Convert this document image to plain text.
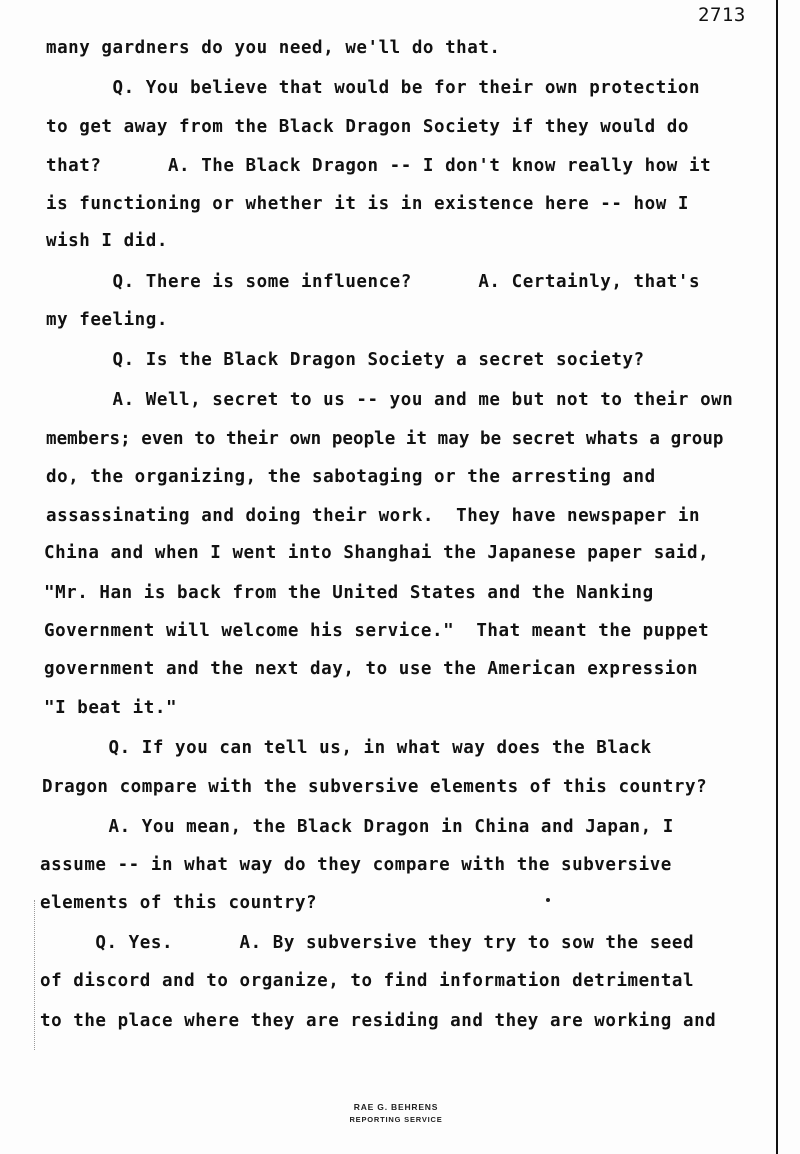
2713
many gardners do you need, we'll do that.
Q. You believe that would be for their own protection
to get away from the Black Dragon Society if they would do
that?      A. The Black Dragon -- I don't know really how it
is functioning or whether it is in existence here -- how I
wish I did.
Q. There is some influence?      A. Certainly, that's
my feeling.
Q. Is the Black Dragon Society a secret society?
A. Well, secret to us -- you and me but not to their own
members; even to their own people it may be secret whats a group
do, the organizing, the sabotaging or the arresting and
assassinating and doing their work.  They have newspaper in
China and when I went into Shanghai the Japanese paper said,
"Mr. Han is back from the United States and the Nanking
Government will welcome his service."  That meant the puppet
government and the next day, to use the American expression
"I beat it."
Q. If you can tell us, in what way does the Black
Dragon compare with the subversive elements of this country?
A. You mean, the Black Dragon in China and Japan, I
assume -- in what way do they compare with the subversive
elements of this country?
Q. Yes.      A. By subversive they try to sow the seed
of discord and to organize, to find information detrimental
to the place where they are residing and they are working and
RAE G. BEHRENS
REPORTING SERVICE
